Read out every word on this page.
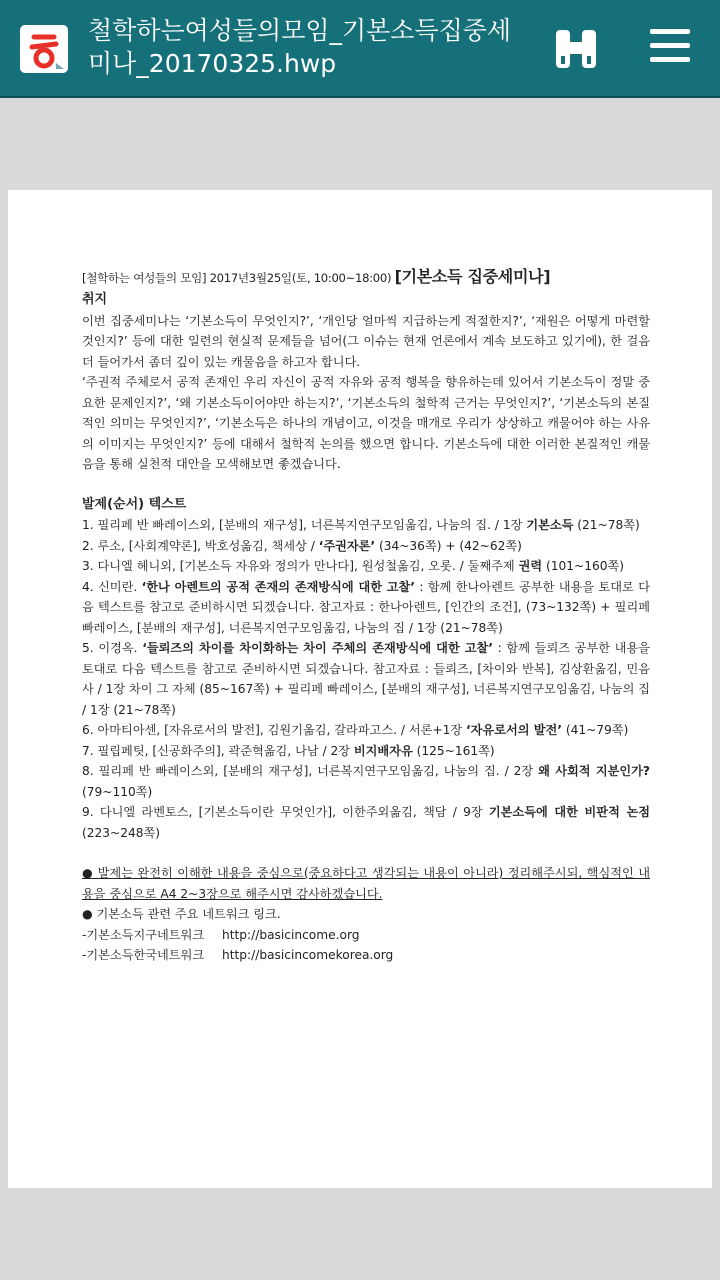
철학하는여성들의모임_기본소득집중세미나_20170325.hwp

[철학하는 여성들의 모임] 2017년3월25일(토, 10:00~18:00) [기본소득 집중세미나]

취지

이번 집중세미나는 ‘기본소득이 무엇인지?’, ‘개인당 얼마씩 지급하는게 적절한지?’, ‘재원은 어떻게 마련할 것인지?’ 등에 대한 일련의 현실적 문제들을 넘어(그 이슈는 현재 언론에서 계속 보도하고 있기에), 한 걸음 더 들어가서 좀더 깊이 있는 캐물음을 하고자 합니다.

‘주권적 주체로서 공적 존재인 우리 자신이 공적 자유와 공적 행복을 향유하는데 있어서 기본소득이 정말 중요한 문제인지?’, ‘왜 기본소득이어야만 하는지?’, ‘기본소득의 철학적 근거는 무엇인지?’, ‘기본소득의 본질적인 의미는 무엇인지?’, ‘기본소득은 하나의 개념이고, 이것을 매개로 우리가 상상하고 캐물어야 하는 사유의 이미지는 무엇인지?’ 등에 대해서 철학적 논의를 했으면 합니다. 기본소득에 대한 이러한 본질적인 캐물음을 통해 실천적 대안을 모색해보면 좋겠습니다.

발제(순서) 텍스트

1. 필리페 반 빠레이스외, [분배의 재구성], 너른복지연구모임옮김, 나눔의 집. / 1장 기본소득 (21~78쪽)

2. 루소, [사회계약론], 박호성옮김, 책세상 / ‘주권자론’ (34~36쪽) + (42~62쪽)

3. 다니엘 헤니외, [기본소득 자유와 정의가 만나다], 원성철옮김, 오롯. / 둘째주제 권력 (101~160쪽)

4. 신미란. ‘한나 아렌트의 공적 존재의 존재방식에 대한 고찰’ : 함께 한나아렌트 공부한 내용을 토대로 다음 텍스트를 참고로 준비하시면 되겠습니다. 참고자료 : 한나아렌트, [인간의 조건], (73~132쪽) + 필리페 빠레이스, [분배의 재구성], 너른복지연구모임옮김, 나눔의 집 / 1장 (21~78쪽)

5. 이경옥. ‘들뢰즈의 차이를 차이화하는 차이 주체의 존재방식에 대한 고찰’ : 함께 들뢰즈 공부한 내용을 토대로 다음 텍스트를 참고로 준비하시면 되겠습니다. 참고자료 : 들뢰즈, [차이와 반복], 김상환옮김, 민음사 / 1장 차이 그 자체 (85~167쪽) + 필리페 빠레이스, [분배의 재구성], 너른복지연구모임옮김, 나눔의 집 / 1장 (21~78쪽)

6. 아마티아센, [자유로서의 발전], 김원기옮김, 갈라파고스. / 서론+1장 ‘자유로서의 발전’ (41~79쪽)

7. 필립페팃, [신공화주의], 곽준혁옮김, 나남 / 2장 비지배자유 (125~161쪽)

8. 필리페 반 빠레이스외, [분배의 재구성], 너른복지연구모임옮김, 나눔의 집. / 2장 왜 사회적 지분인가? (79~110쪽)

9. 다니엘 라벤토스, [기본소득이란 무엇인가], 이한주외옮김, 책담 / 9장 기본소득에 대한 비판적 논점 (223~248쪽)

● 발제는 완전히 이해한 내용을 중심으로(중요하다고 생각되는 내용이 아니라) 정리해주시되, 핵심적인 내용을 중심으로 A4 2~3장으로 해주시면 감사하겠습니다.

● 기본소득 관련 주요 네트워크 링크.

-기본소득지구네트워크 http://basicincome.org

-기본소득한국네트워크 http://basicincomekorea.org
